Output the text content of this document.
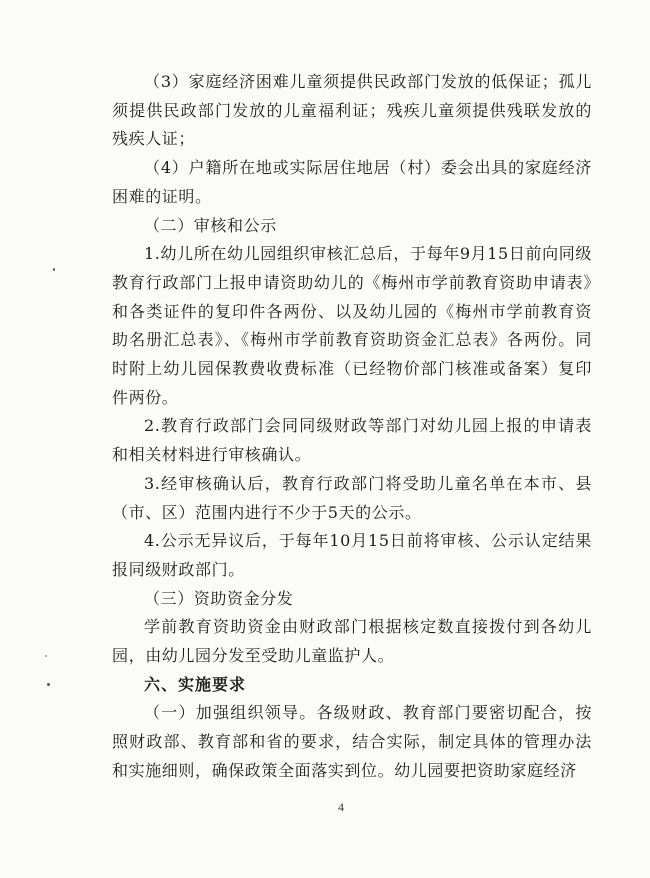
（3）家庭经济困难儿童须提供民政部门发放的低保证；孤儿须提供民政部门发放的儿童福利证；残疾儿童须提供残联发放的残疾人证；

（4）户籍所在地或实际居住地居（村）委会出具的家庭经济困难的证明。

（二）审核和公示

1.幼儿所在幼儿园组织审核汇总后，于每年9月15日前向同级教育行政部门上报申请资助幼儿的《梅州市学前教育资助申请表》和各类证件的复印件各两份、以及幼儿园的《梅州市学前教育资助名册汇总表》、《梅州市学前教育资助资金汇总表》各两份。同时附上幼儿园保教费收费标准（已经物价部门核准或备案）复印件两份。

2.教育行政部门会同同级财政等部门对幼儿园上报的申请表和相关材料进行审核确认。

3.经审核确认后，教育行政部门将受助儿童名单在本市、县（市、区）范围内进行不少于5天的公示。

4.公示无异议后，于每年10月15日前将审核、公示认定结果报同级财政部门。

（三）资助资金分发

学前教育资助资金由财政部门根据核定数直接拨付到各幼儿园，由幼儿园分发至受助儿童监护人。

六、实施要求

（一）加强组织领导。各级财政、教育部门要密切配合，按照财政部、教育部和省的要求，结合实际，制定具体的管理办法和实施细则，确保政策全面落实到位。幼儿园要把资助家庭经济

4
